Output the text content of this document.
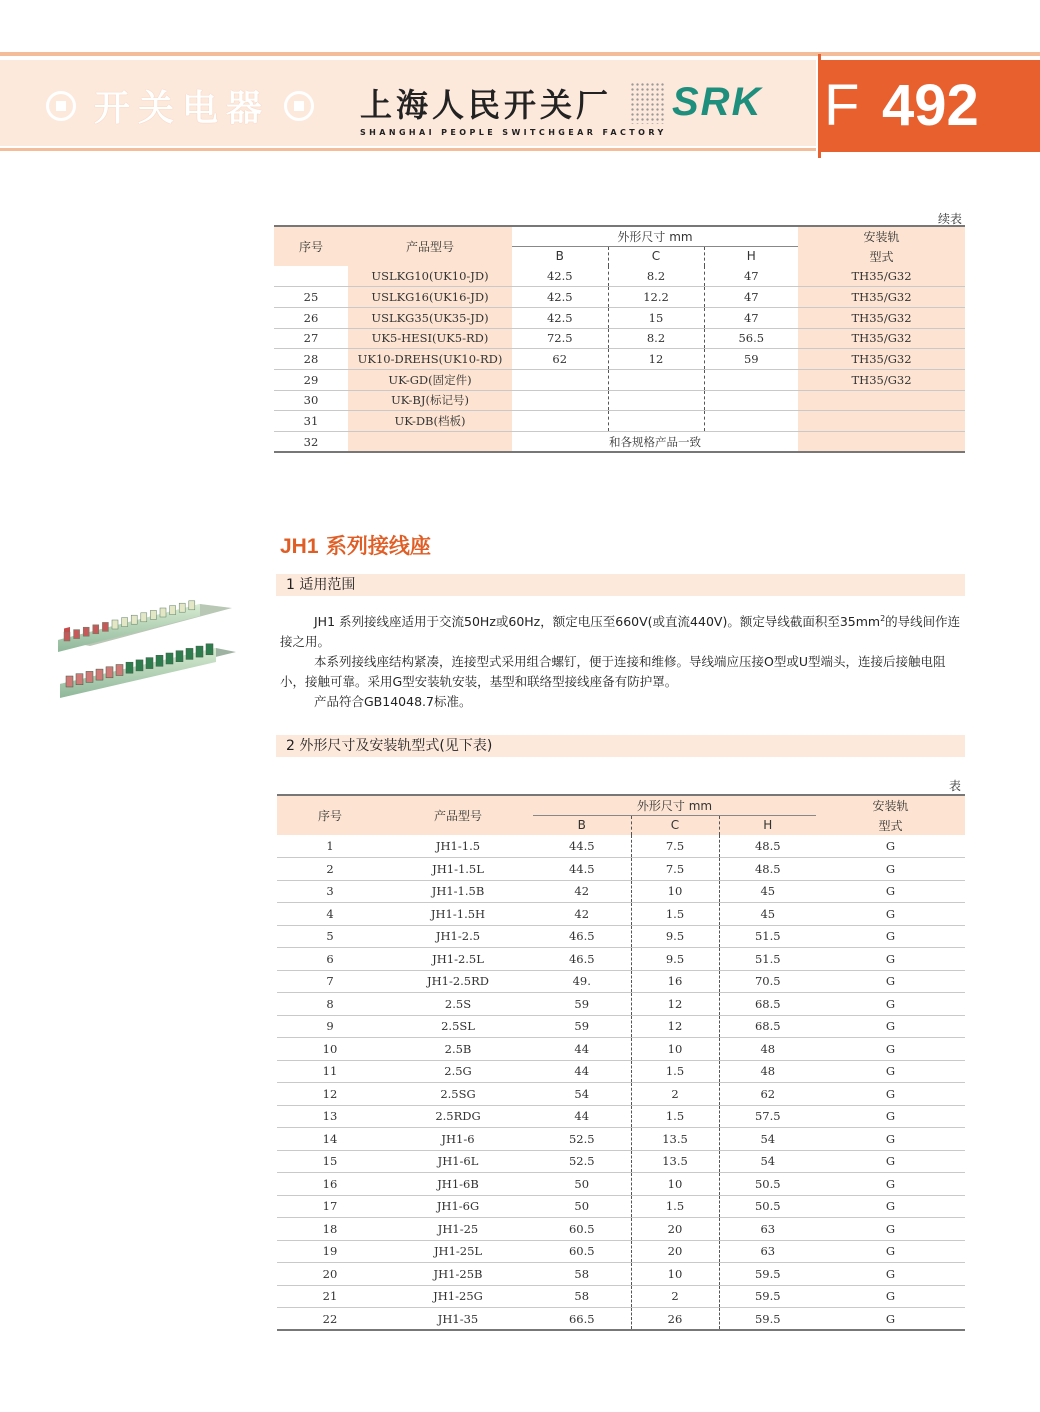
开关电器	上海人民开关厂
SHANGHAI PEOPLE SWITCHGEAR FACTORY
SRK F 492
续表
序号	产品型号	外形尺寸 mm			安装轨
		B	C	H	型式
	USLKG10(UK10-JD)	42.5	8.2	47	TH35/G32
25	USLKG16(UK16-JD)	42.5	12.2	47	TH35/G32
26	USLKG35(UK35-JD)	42.5	15	47	TH35/G32
27	UK5-HESI(UK5-RD)	72.5	8.2	56.5	TH35/G32
28	UK10-DREHS(UK10-RD)	62	12	59	TH35/G32
29	UK-GD(固定件)				TH35/G32
30	UK-BJ(标记号)				
31	UK-DB(档板)				
32		和各规格产品一致			
JH1 系列接线座
1 适用范围

JH1 系列接线座适用于交流50Hz或60Hz，额定电压至660V(或直流440V)。额定导线截面积至$35mm^2$的导线间作连接之用。

本系列接线座结构紧凑，连接型式采用组合螺钉，便于连接和维修。导线端应压接O型或U型端头，连接后接触电阻小，接触可靠。采用G型安装轨安装，基型和联络型接线座备有防护罩。

产品符合GB14048.7标准。

2 外形尺寸及安装轨型式(见下表)
表
序号	产品型号	外形尺寸 mm			安装轨
		B	C	H	型式
1	JH1-1.5	44.5	7.5	48.5	G
2	JH1-1.5L	44.5	7.5	48.5	G
3	JH1-1.5B	42	10	45	G
4	JH1-1.5H	42	1.5	45	G
5	JH1-2.5	46.5	9.5	51.5	G
6	JH1-2.5L	46.5	9.5	51.5	G
7	JH1-2.5RD	49.	16	70.5	G
8	2.5S	59	12	68.5	G
9	2.5SL	59	12	68.5	G
10	2.5B	44	10	48	G
11	2.5G	44	1.5	48	G
12	2.5SG	54	2	62	G
13	2.5RDG	44	1.5	57.5	G
14	JH1-6	52.5	13.5	54	G
15	JH1-6L	52.5	13.5	54	G
16	JH1-6B	50	10	50.5	G
17	JH1-6G	50	1.5	50.5	G
18	JH1-25	60.5	20	63	G
19	JH1-25L	60.5	20	63	G
20	JH1-25B	58	10	59.5	G
21	JH1-25G	58	2	59.5	G
22	JH1-35	66.5	26	59.5	G
